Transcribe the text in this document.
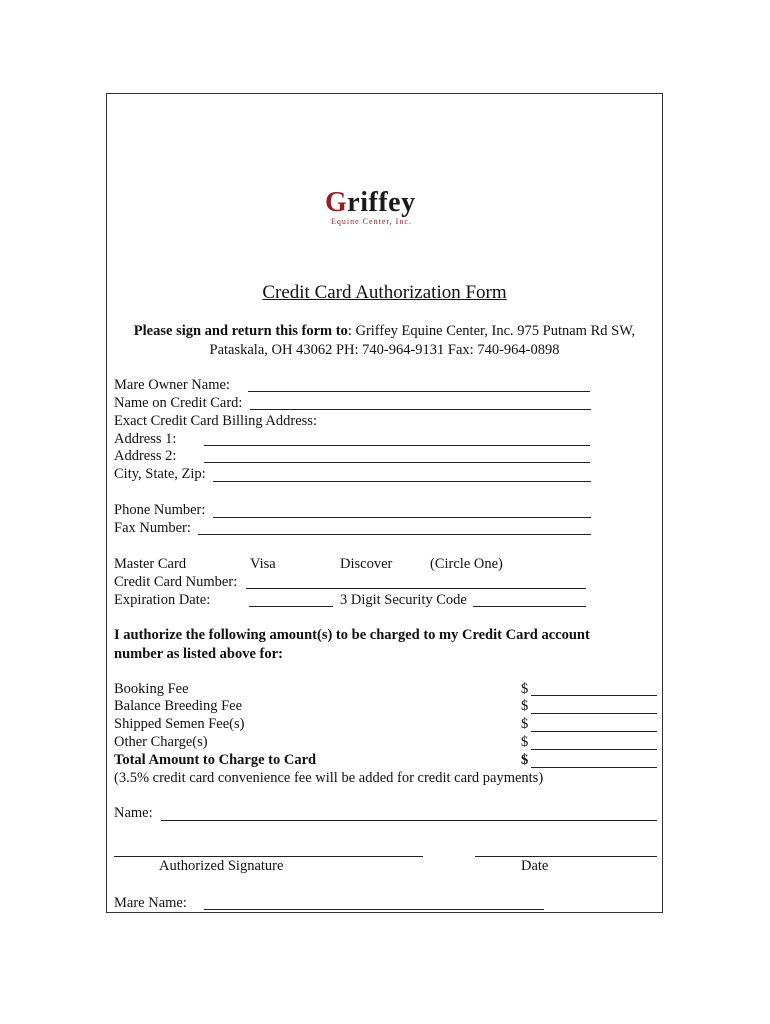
Griffey
Equine Center, Inc.
Credit Card Authorization Form
Please sign and return this form to: Griffey Equine Center, Inc. 975 Putnam Rd SW,
Pataskala, OH 43062 PH: 740-964-9131 Fax: 740-964-0898
Mare Owner Name:
Name on Credit Card:
Exact Credit Card Billing Address:
Address 1:
Address 2:
City, State, Zip:
Phone Number:
Fax Number:
Master Card	Visa	Discover	(Circle One)
Credit Card Number:
Expiration Date:	3 Digit Security Code
I authorize the following amount(s) to be charged to my Credit Card account
number as listed above for:
Booking Fee	$
Balance Breeding Fee	$
Shipped Semen Fee(s)	$
Other Charge(s)	$
Total Amount to Charge to Card	$
(3.5% credit card convenience fee will be added for credit card payments)
Name:
Authorized Signature	Date
Mare Name:
